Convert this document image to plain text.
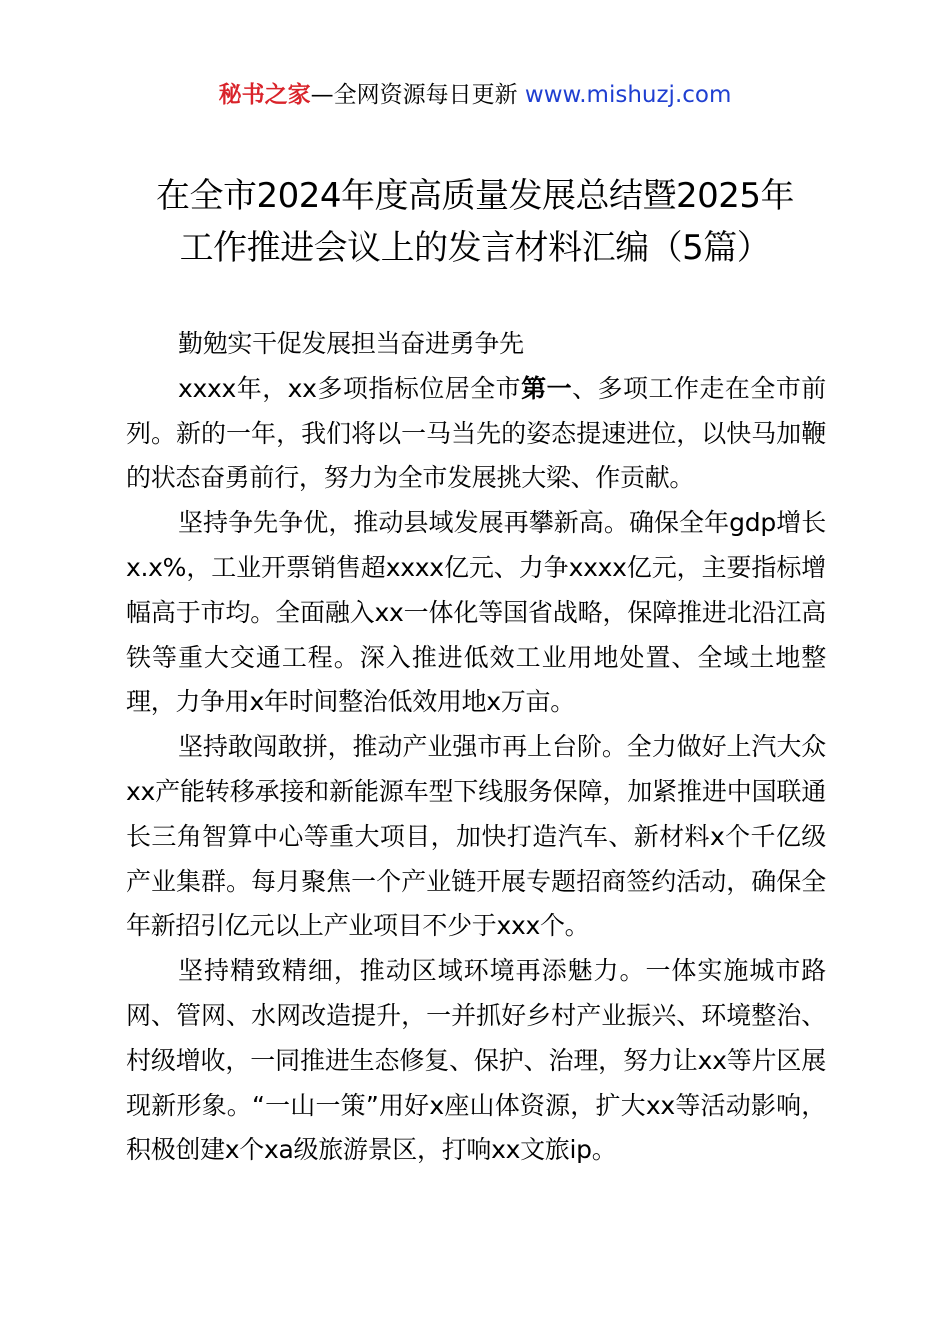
秘书之家—全网资源每日更新 www.mishuzj.com
在全市2024年度高质量发展总结暨2025年
工作推进会议上的发言材料汇编（5篇）

勤勉实干促发展担当奋进勇争先

xxxx年，xx多项指标位居全市第一、多项工作走在全市前列。新的一年，我们将以一马当先的姿态提速进位，以快马加鞭的状态奋勇前行，努力为全市发展挑大梁、作贡献。

坚持争先争优，推动县域发展再攀新高。确保全年gdp增长x.x%，工业开票销售超xxxx亿元、力争xxxx亿元，主要指标增幅高于市均。全面融入xx一体化等国省战略，保障推进北沿江高铁等重大交通工程。深入推进低效工业用地处置、全域土地整理，力争用x年时间整治低效用地x万亩。

坚持敢闯敢拼，推动产业强市再上台阶。全力做好上汽大众xx产能转移承接和新能源车型下线服务保障，加紧推进中国联通长三角智算中心等重大项目，加快打造汽车、新材料x个千亿级产业集群。每月聚焦一个产业链开展专题招商签约活动，确保全年新招引亿元以上产业项目不少于xxx个。

坚持精致精细，推动区域环境再添魅力。一体实施城市路网、管网、水网改造提升，一并抓好乡村产业振兴、环境整治、村级增收，一同推进生态修复、保护、治理，努力让xx等片区展现新形象。“一山一策”用好x座山体资源，扩大xx等活动影响，积极创建x个xa级旅游景区，打响xx文旅ip。
